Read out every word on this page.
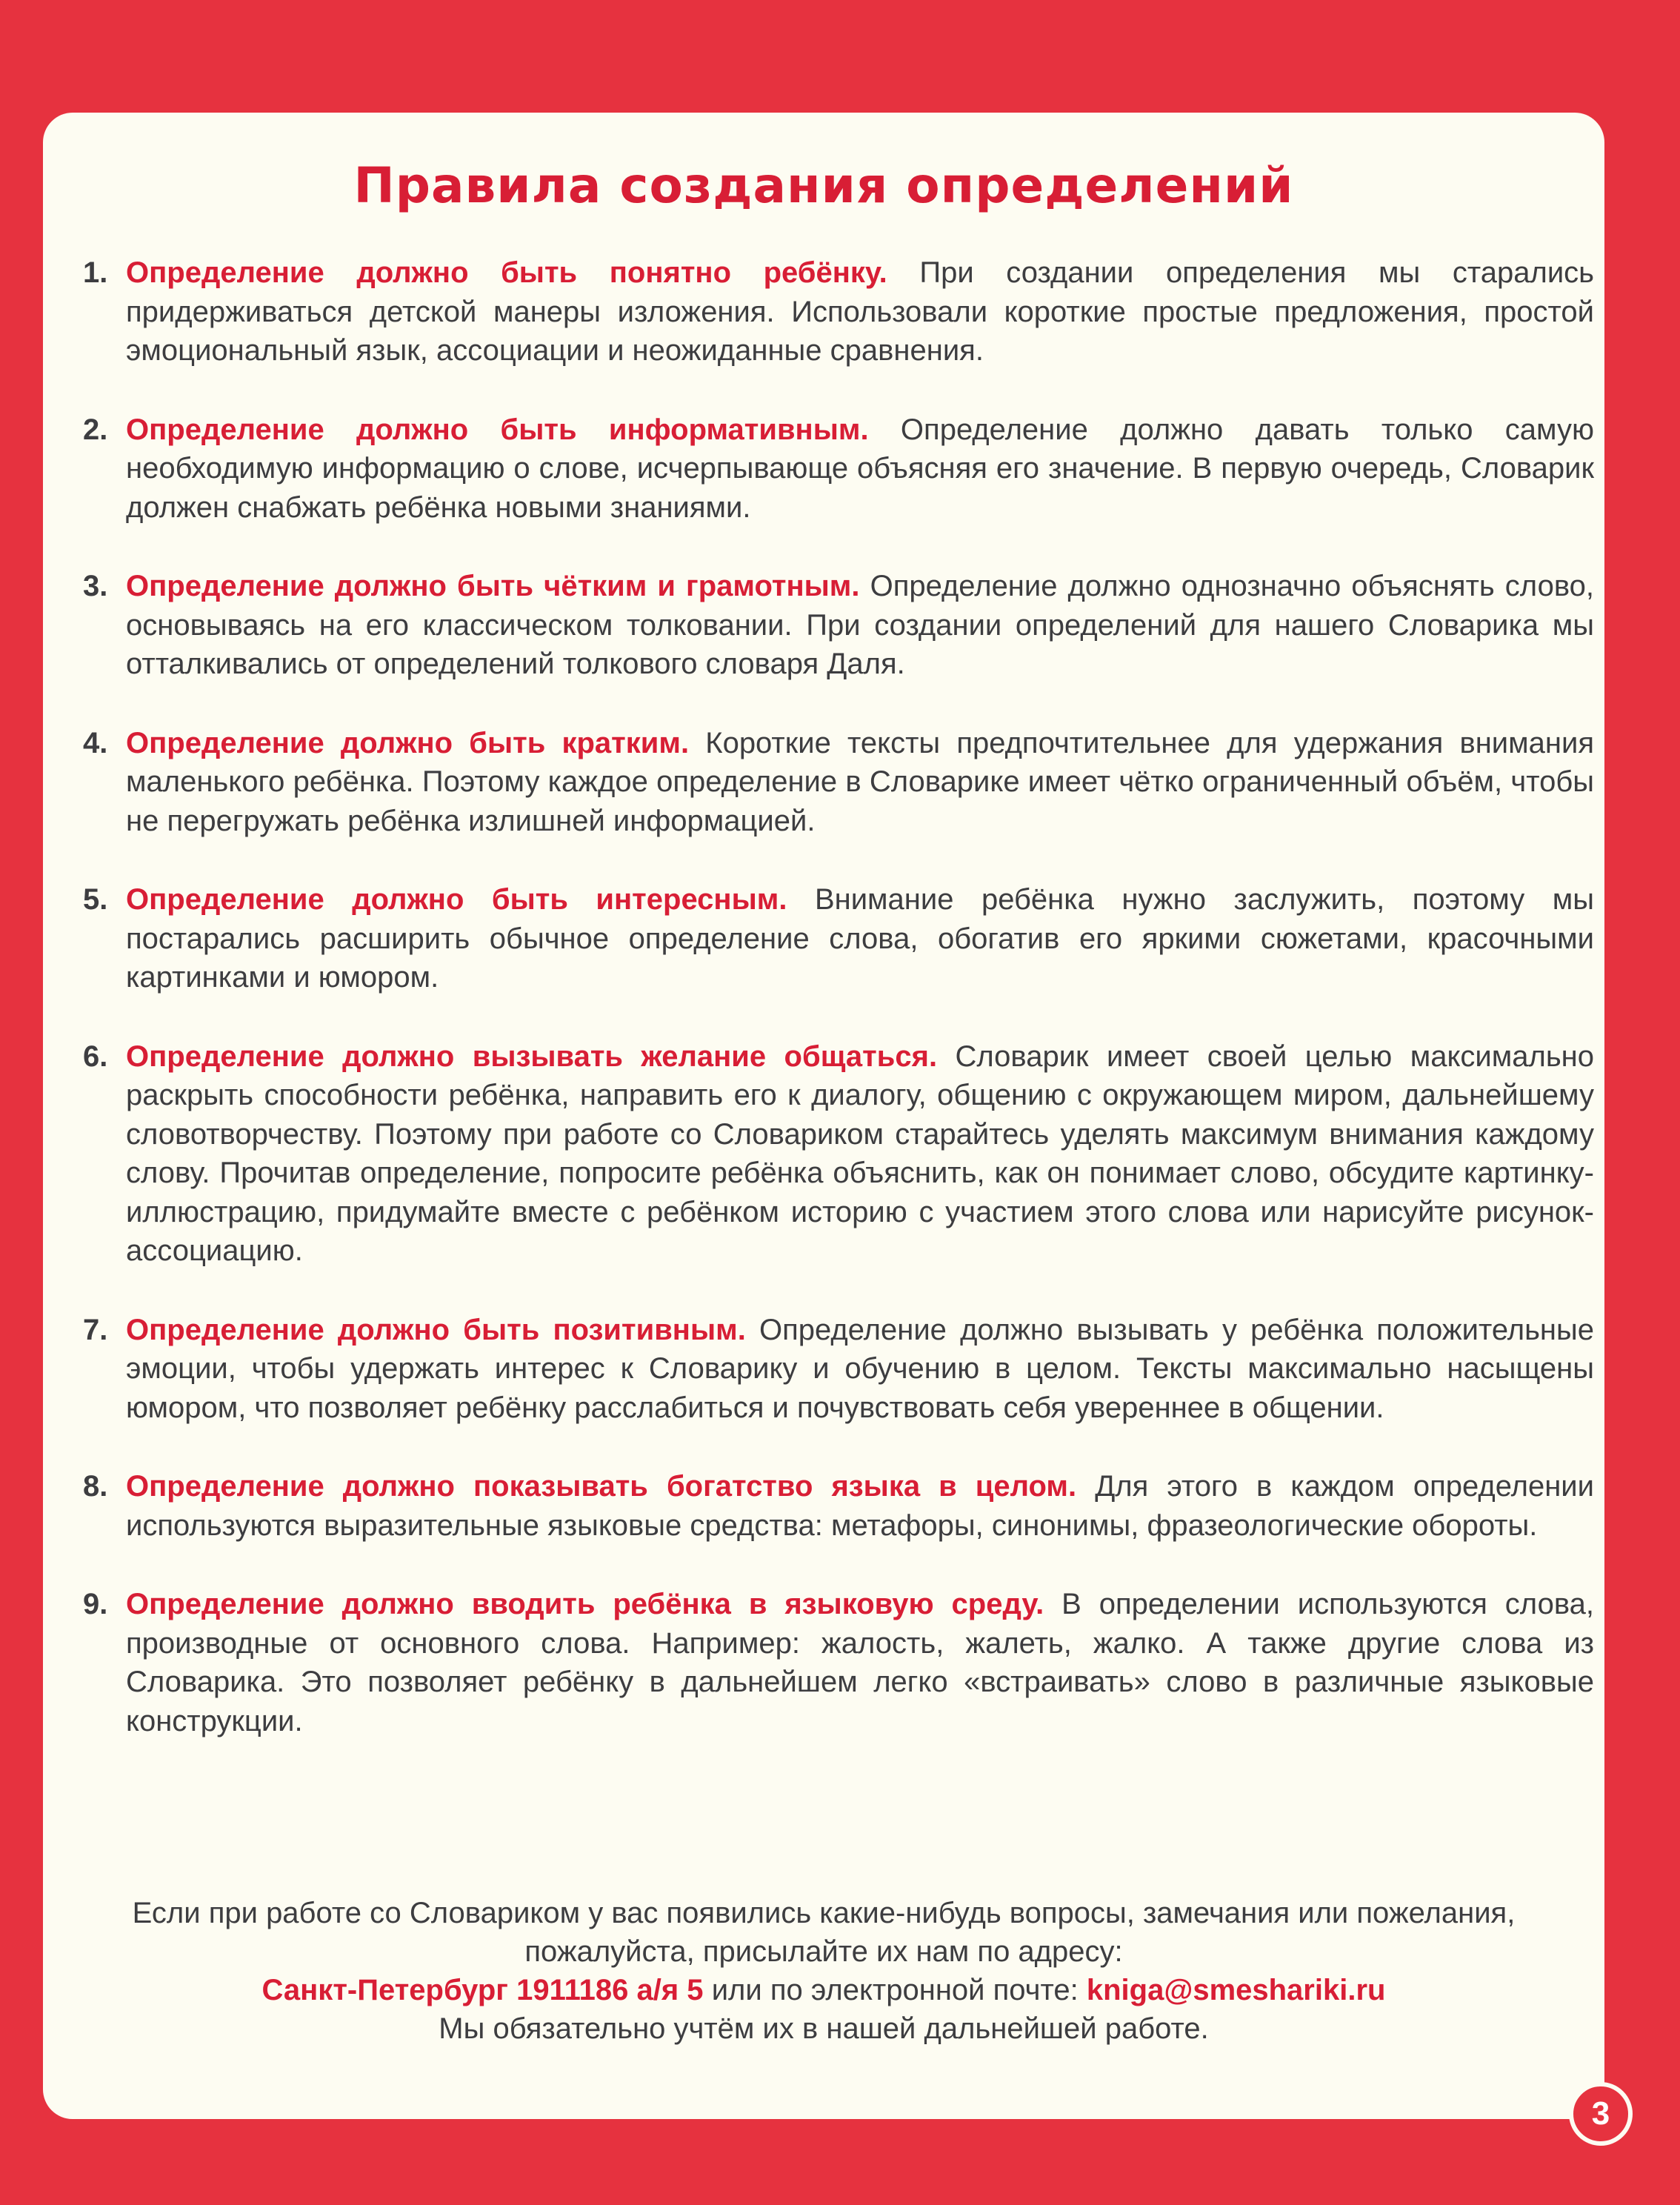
Правила создания определений
1. Определение должно быть понятно ребёнку. При создании определения мы старались придерживаться детской манеры изложения. Использовали короткие простые предложения, простой эмоциональный язык, ассоциации и неожиданные сравнения.
2. Определение должно быть информативным. Определение должно давать только самую необходимую информацию о слове, исчерпывающе объясняя его значение. В первую очередь, Словарик должен снабжать ребёнка новыми знаниями.
3. Определение должно быть чётким и грамотным. Определение должно однозначно объяснять слово, основываясь на его классическом толковании. При создании определений для нашего Словарика мы отталкивались от определений толкового словаря Даля.
4. Определение должно быть кратким. Короткие тексты предпочтительнее для удержания внимания маленького ребёнка. Поэтому каждое определение в Словарике имеет чётко ограниченный объём, чтобы не перегружать ребёнка излишней информацией.
5. Определение должно быть интересным. Внимание ребёнка нужно заслужить, поэтому мы постарались расширить обычное определение слова, обогатив его яркими сюжетами, красочными картинками и юмором.
6. Определение должно вызывать желание общаться. Словарик имеет своей целью максимально раскрыть способности ребёнка, направить его к диалогу, общению с окружающем миром, дальнейшему словотворчеству. Поэтому при работе со Словариком старайтесь уделять максимум внимания каждому слову. Прочитав определение, попросите ребёнка объяснить, как он понимает слово, обсудите картинку-иллюстрацию, придумайте вместе с ребёнком историю с участием этого слова или нарисуйте рисунок-ассоциацию.
7. Определение должно быть позитивным. Определение должно вызывать у ребёнка положительные эмоции, чтобы удержать интерес к Словарику и обучению в целом. Тексты максимально насыщены юмором, что позволяет ребёнку расслабиться и почувствовать себя увереннее в общении.
8. Определение должно показывать богатство языка в целом. Для этого в каждом определении используются выразительные языковые средства: метафоры, синонимы, фразеологические обороты.
9. Определение должно вводить ребёнка в языковую среду. В определении используются слова, производные от основного слова. Например: жалость, жалеть, жалко. А также другие слова из Словарика. Это позволяет ребёнку в дальнейшем легко «встраивать» слово в различные языковые конструкции.

Если при работе со Словариком у вас появились какие-нибудь вопросы, замечания или пожелания, пожалуйста, присылайте их нам по адресу:

Санкт-Петербург 1911186 а/я 5 или по электронной почте: kniga@smeshariki.ru

Мы обязательно учтём их в нашей дальнейшей работе.

3
